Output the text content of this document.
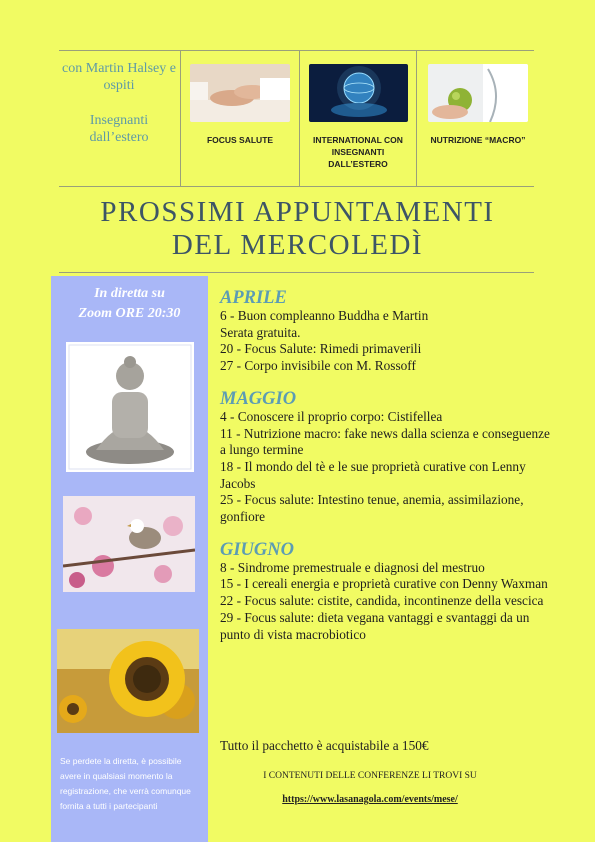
con Martin Halsey e ospiti

Insegnanti dall’estero	FOCUS SALUTE	INTERNATIONAL CON INSEGNANTI DALL’ESTERO
NUTRIZIONE “MACRO”
PROSSIMI APPUNTAMENTI
DEL MERCOLEDÌ
In diretta su
Zoom ORE 20:30
Se perdete la diretta, è possibile avere in qualsiasi momento la registrazione, che verrà comunque fornita a tutti i partecipanti
APRILE
6 - Buon compleanno Buddha e Martin
Serata gratuita.
20 - Focus Salute: Rimedi primaverili
27 - Corpo invisibile con M. Rossoff
MAGGIO
4 - Conoscere il proprio corpo: Cistifellea
11 - Nutrizione macro: fake news dalla scienza e conseguenze a lungo termine
18 - Il mondo del tè e le sue proprietà curative con Lenny Jacobs
25 - Focus salute: Intestino tenue, anemia, assimilazione, gonfiore
GIUGNO
8 - Sindrome premestruale e diagnosi del mestruo
15 - I cereali energia e proprietà curative con Denny Waxman
22 - Focus salute: cistite, candida, incontinenze della vescica
29 - Focus salute: dieta vegana vantaggi e svantaggi da un punto di vista macrobiotico
Tutto il pacchetto è acquistabile a 150€
I CONTENUTI DELLE CONFERENZE LI TROVI SU
https://www.lasanagola.com/events/mese/
